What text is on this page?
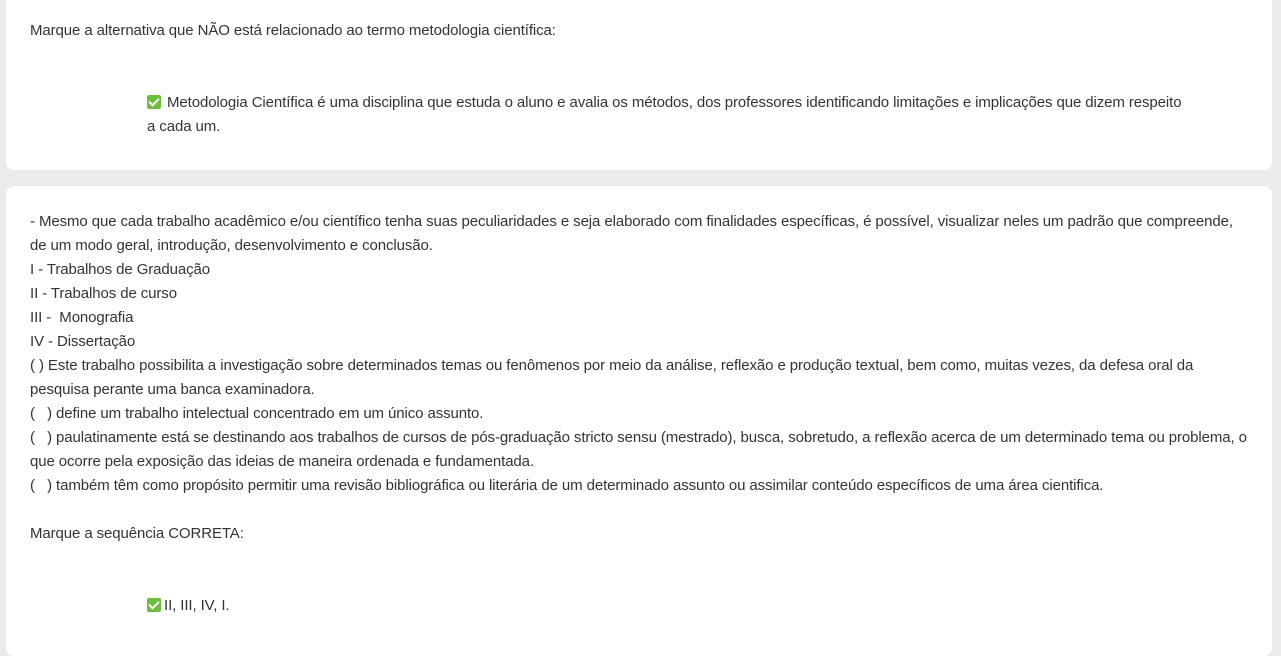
Marque a alternativa que NÃO está relacionado ao termo metodologia científica:
Metodologia Científica é uma disciplina que estuda o aluno e avalia os métodos, dos professores identificando limitações e implicações que dizem respeito a cada um.
- Mesmo que cada trabalho acadêmico e/ou científico tenha suas peculiaridades e seja elaborado com finalidades específicas, é possível, visualizar neles um padrão que compreende, de um modo geral, introdução, desenvolvimento e conclusão.
I - Trabalhos de Graduação
II - Trabalhos de curso
III -  Monografia
IV - Dissertação
( ) Este trabalho possibilita a investigação sobre determinados temas ou fenômenos por meio da análise, reflexão e produção textual, bem como, muitas vezes, da defesa oral da pesquisa perante uma banca examinadora.
(   ) define um trabalho intelectual concentrado em um único assunto.
(   ) paulatinamente está se destinando aos trabalhos de cursos de pós-graduação stricto sensu (mestrado), busca, sobretudo, a reflexão acerca de um determinado tema ou problema, o que ocorre pela exposição das ideias de maneira ordenada e fundamentada.
(   ) também têm como propósito permitir uma revisão bibliográfica ou literária de um determinado assunto ou assimilar conteúdo específicos de uma área cientifica.
Marque a sequência CORRETA:
II, III, IV, I.
